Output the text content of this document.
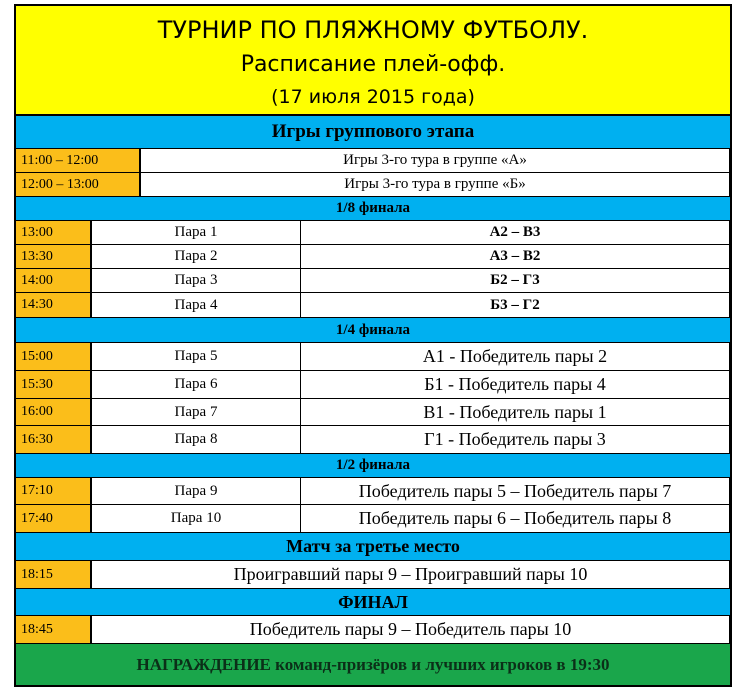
ТУРНИР ПО ПЛЯЖНОМУ ФУТБОЛУ.
Расписание плей-офф.
(17 июля 2015 года)
Игры группового этапа
11:00 – 12:00	Игры 3-го тура в группе «А»
12:00 – 13:00	Игры 3-го тура в группе «Б»
1/8 финала
13:00	Пара 1	А2 – В3
13:30	Пара 2	А3 – В2
14:00	Пара 3	Б2 – Г3
14:30	Пара 4	Б3 – Г2
1/4 финала
15:00	Пара 5	А1 - Победитель пары 2
15:30	Пара 6	Б1 - Победитель пары 4
16:00	Пара 7	В1 - Победитель пары 1
16:30	Пара 8	Г1 - Победитель пары 3
1/2 финала
17:10	Пара 9	Победитель пары 5 – Победитель пары 7
17:40	Пара 10	Победитель пары 6 – Победитель пары 8
Матч за третье место
18:15	Проигравший пары 9 – Проигравший пары 10
ФИНАЛ
18:45	Победитель пары 9 – Победитель пары 10
НАГРАЖДЕНИЕ команд-призёров и лучших игроков в 19:30
